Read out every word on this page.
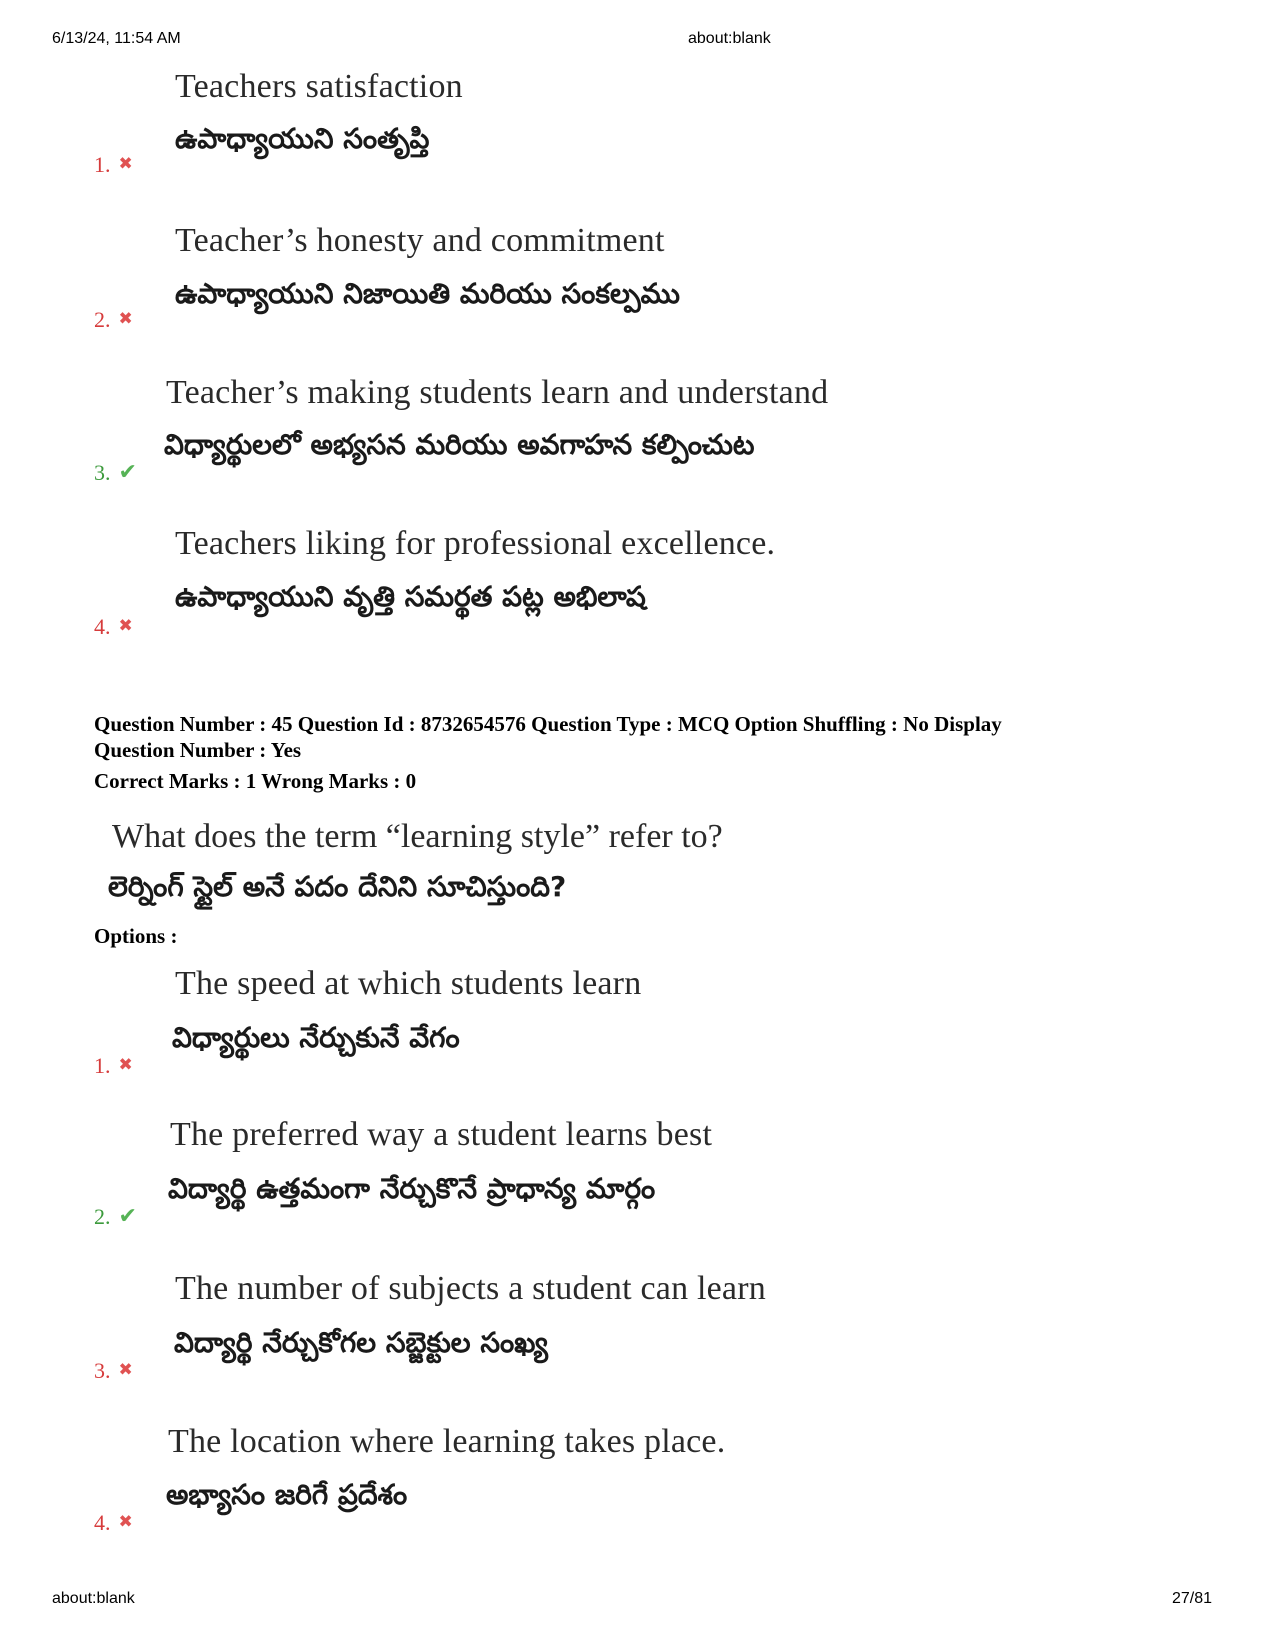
6/13/24, 11:54 AM	about:blank
Teachers satisfaction
ఉపాధ్యాయుని సంతృప్తి
1. ✖
Teacher’s honesty and commitment
ఉపాధ్యాయుని నిజాయితి మరియు సంకల్పము
2. ✖
Teacher’s making students learn and understand
విధ్యార్థులలో అభ్యసన మరియు అవగాహన కల్పించుట
3. ✔
Teachers liking for professional excellence.
ఉపాధ్యాయుని వృత్తి సమర్థత పట్ల అభిలాష
4. ✖
Question Number : 45 Question Id : 8732654576 Question Type : MCQ Option Shuffling : No Display
Question Number : Yes
Correct Marks : 1 Wrong Marks : 0
What does the term “learning style” refer to?
లెర్నింగ్ స్టైల్ అనే పదం దేనిని సూచిస్తుంది?
Options :
The speed at which students learn
విధ్యార్థులు నేర్చుకునే వేగం
1. ✖
The preferred way a student learns best
విద్యార్థి ఉత్తమంగా నేర్చుకొనే ప్రాధాన్య మార్గం
2. ✔
The number of subjects a student can learn
విద్యార్థి నేర్చుకోగల సబ్జెక్టుల సంఖ్య
3. ✖
The location where learning takes place.
అభ్యాసం జరిగే ప్రదేశం
4. ✖
about:blank	27/81
